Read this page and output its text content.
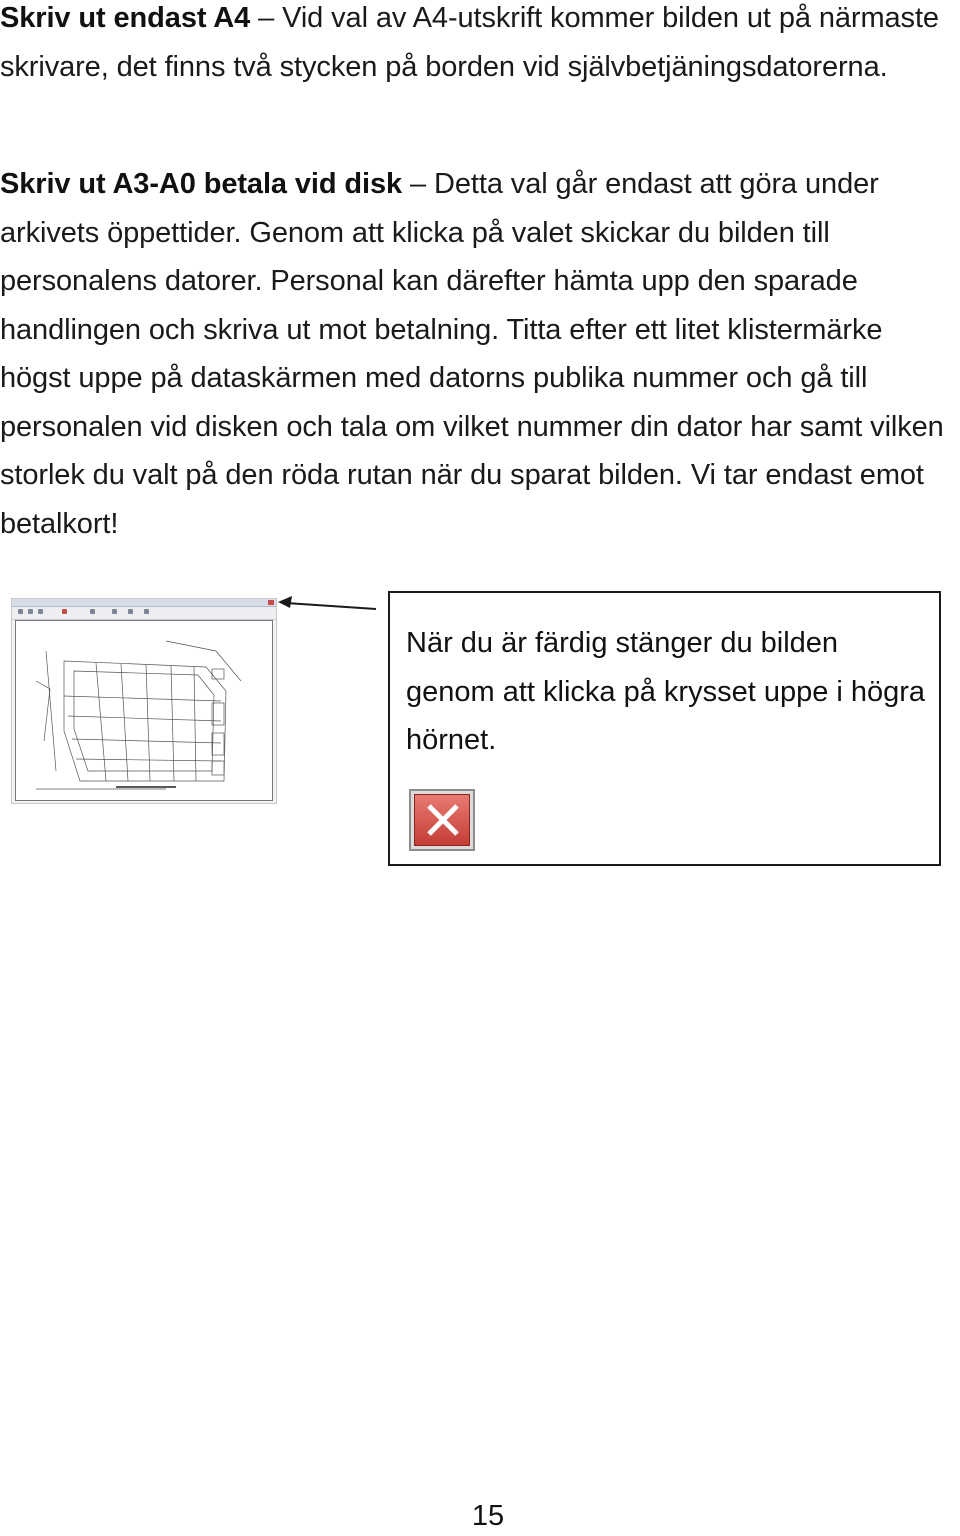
Skriv ut endast A4 – Vid val av A4-utskrift kommer bilden ut på närmaste skrivare, det finns två stycken på borden vid självbetjäningsdatorerna.
Skriv ut A3-A0 betala vid disk – Detta val går endast att göra under arkivets öppettider. Genom att klicka på valet skickar du bilden till personalens datorer. Personal kan därefter hämta upp den sparade handlingen och skriva ut mot betalning. Titta efter ett litet klistermärke högst uppe på dataskärmen med datorns publika nummer och gå till personalen vid disken och tala om vilket nummer din dator har samt vilken storlek du valt på den röda rutan när du sparat bilden. Vi tar endast emot betalkort!
När du är färdig stänger du bilden genom att klicka på krysset uppe i högra hörnet.
15
